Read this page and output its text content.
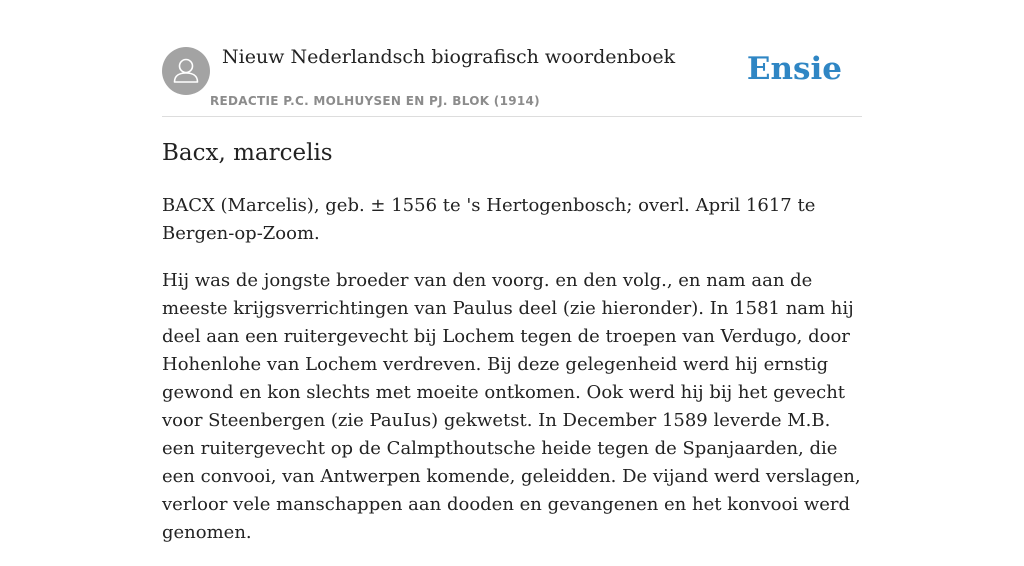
Nieuw Nederlandsch biografisch woordenboek
REDACTIE P.C. MOLHUYSEN EN PJ. BLOK (1914)
Ensie
Bacx, marcelis

BACX (Marcelis), geb. ± 1556 te 's Hertogenbosch; overl. April 1617 te Bergen-op-Zoom.

Hij was de jongste broeder van den voorg. en den volg., en nam aan de meeste krijgsverrichtingen van Paulus deel (zie hieronder). In 1581 nam hij deel aan een ruitergevecht bij Lochem tegen de troepen van Verdugo, door Hohenlohe van Lochem verdreven. Bij deze gelegenheid werd hij ernstig gewond en kon slechts met moeite ontkomen. Ook werd hij bij het gevecht voor Steenbergen (zie PauIus) gekwetst. In December 1589 leverde M.B. een ruitergevecht op de Calmpthoutsche heide tegen de Spanjaarden, die een convooi, van Antwerpen komende, geleidden. De vijand werd verslagen, verloor vele manschappen aan dooden en gevangenen en het konvooi werd genomen.
